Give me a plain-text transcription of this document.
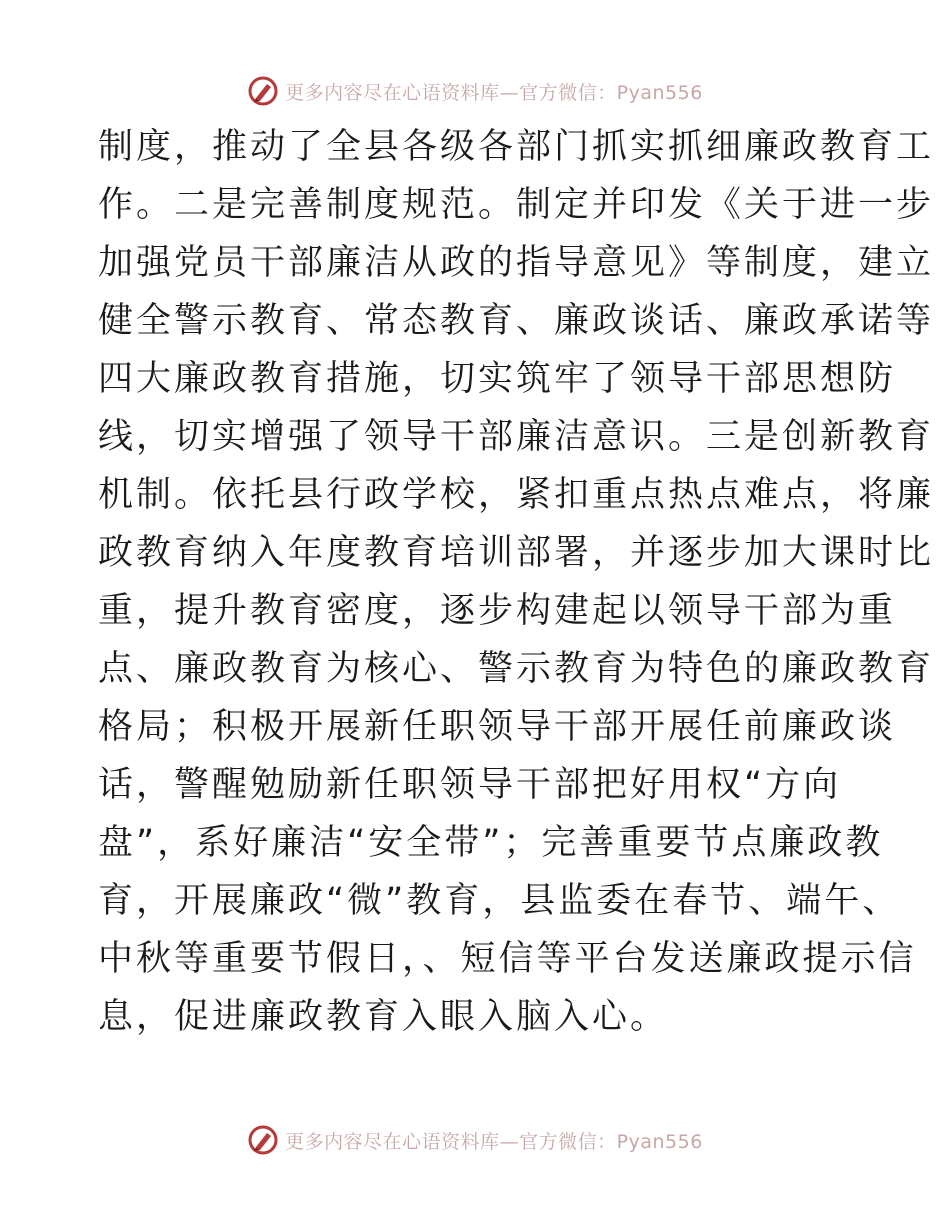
更多内容尽在心语资料库—官方微信：Pyan556
制度，推动了全县各级各部门抓实抓细廉政教育工
作。二是完善制度规范。制定并印发《关于进一步
加强党员干部廉洁从政的指导意见》等制度，建立
健全警示教育、常态教育、廉政谈话、廉政承诺等
四大廉政教育措施，切实筑牢了领导干部思想防
线，切实增强了领导干部廉洁意识。三是创新教育
机制。依托县行政学校，紧扣重点热点难点，将廉
政教育纳入年度教育培训部署，并逐步加大课时比
重，提升教育密度，逐步构建起以领导干部为重
点、廉政教育为核心、警示教育为特色的廉政教育
格局；积极开展新任职领导干部开展任前廉政谈
话，警醒勉励新任职领导干部把好用权“方向
盘”，系好廉洁“安全带”；完善重要节点廉政教
育，开展廉政“微”教育，县监委在春节、端午、
中秋等重要节假日，、短信等平台发送廉政提示信
息，促进廉政教育入眼入脑入心。
更多内容尽在心语资料库—官方微信：Pyan556
